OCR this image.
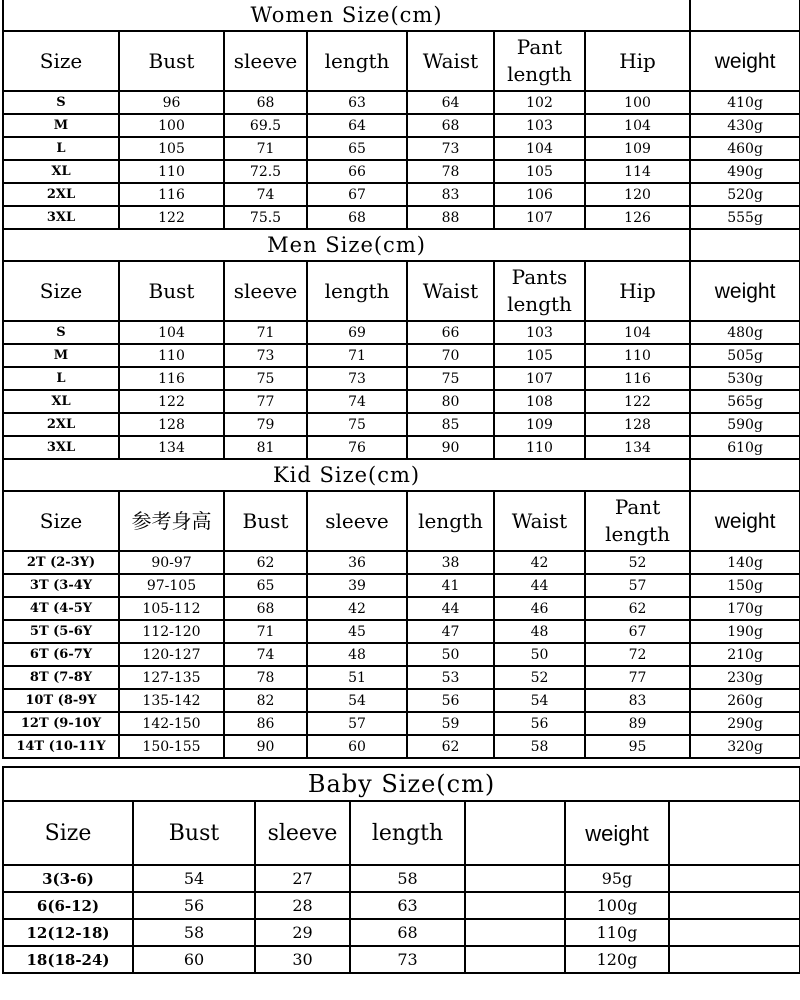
Women Size(cm)							
Size	Bust	sleeve	length	Waist	Pant length	Hip	weight
S	96	68	63	64	102	100	410g
M	100	69.5	64	68	103	104	430g
L	105	71	65	73	104	109	460g
XL	110	72.5	66	78	105	114	490g
2XL	116	74	67	83	106	120	520g
3XL	122	75.5	68	88	107	126	555g
Men Size(cm)							
Size	Bust	sleeve	length	Waist	Pants length	Hip	weight
S	104	71	69	66	103	104	480g
M	110	73	71	70	105	110	505g
L	116	75	73	75	107	116	530g
XL	122	77	74	80	108	122	565g
2XL	128	79	75	85	109	128	590g
3XL	134	81	76	90	110	134	610g
Kid Size(cm)							
Size	参考身高	Bust	sleeve	length	Waist	Pant length	weight
2T (2-3Y)	90-97	62	36	38	42	52	140g
3T (3-4Y	97-105	65	39	41	44	57	150g
4T (4-5Y	105-112	68	42	44	46	62	170g
5T (5-6Y	112-120	71	45	47	48	67	190g
6T (6-7Y	120-127	74	48	50	50	72	210g
8T (7-8Y	127-135	78	51	53	52	77	230g
10T (8-9Y	135-142	82	54	56	54	83	260g
12T (9-10Y	142-150	86	57	59	56	89	290g
14T (10-11Y	150-155	90	60	62	58	95	320g
Baby Size(cm)						
Size	Bust	sleeve	length		weight	
3(3-6)	54	27	58		95g	
6(6-12)	56	28	63		100g	
12(12-18)	58	29	68		110g	
18(18-24)	60	30	73		120g	
